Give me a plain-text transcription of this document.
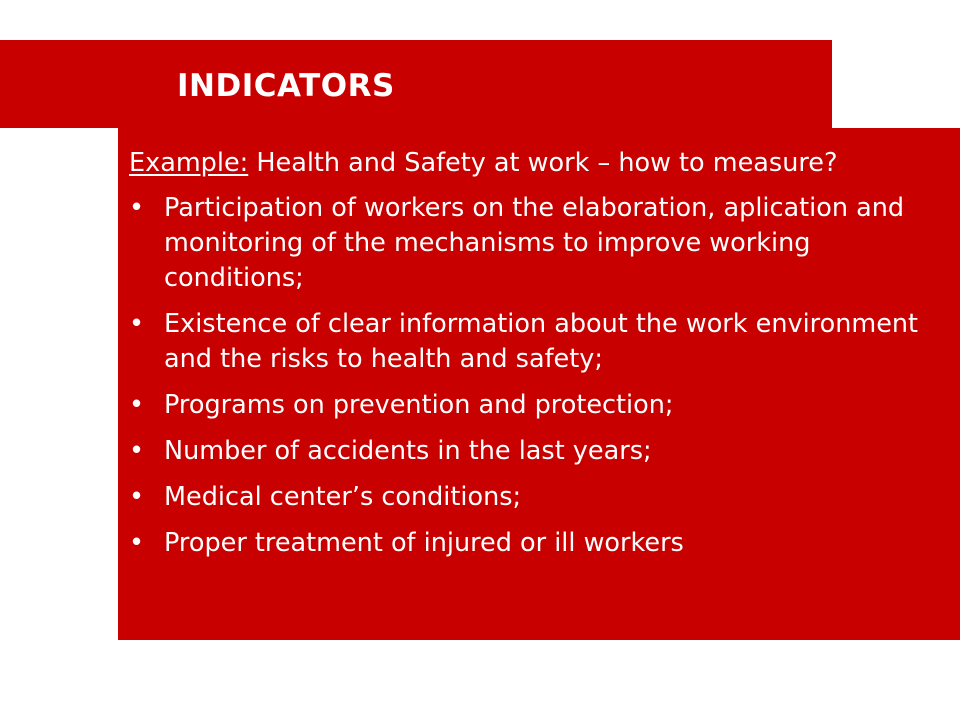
INDICATORS

Example: Health and Safety at work – how to measure?

• Participation of workers on the elaboration, aplication and monitoring of the mechanisms to improve working conditions;
• Existence of clear information about the work environment and the risks to health and safety;
• Programs on prevention and protection;
• Number of accidents in the last years;
• Medical center’s conditions;
• Proper treatment of injured or ill workers
